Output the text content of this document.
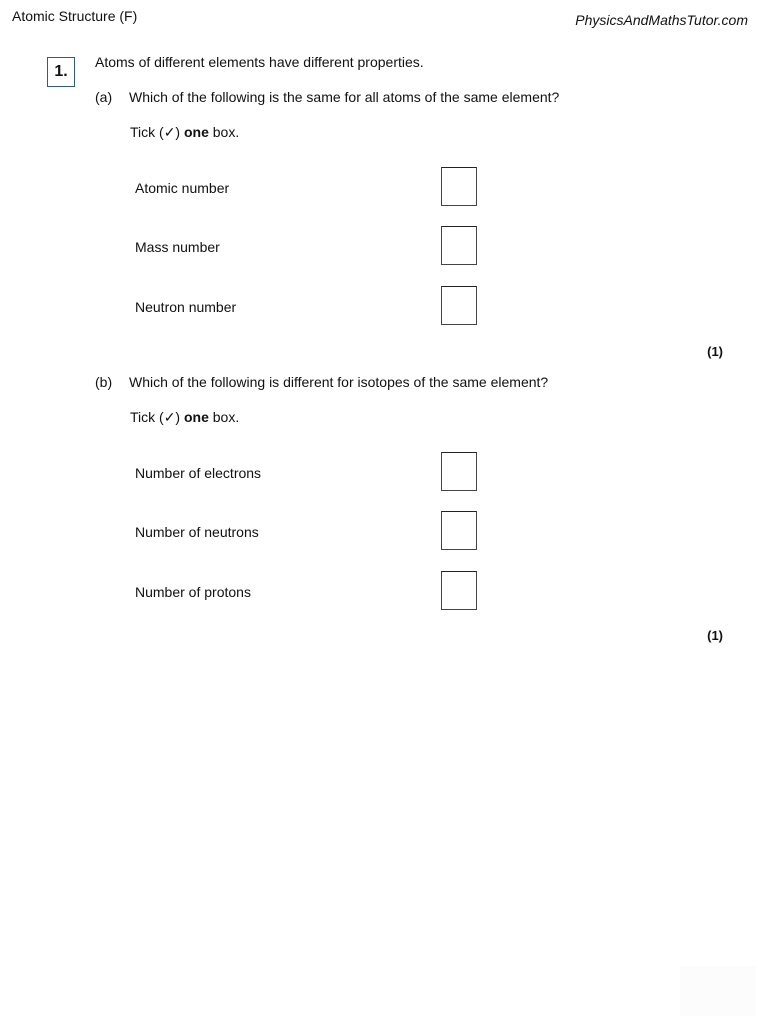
Atomic Structure (F)	PhysicsAndMathsTutor.com
1.
Atoms of different elements have different properties.
(a) Which of the following is the same for all atoms of the same element?
Tick (✓) one box.
Atomic number
Mass number
Neutron number
(1)
(b) Which of the following is different for isotopes of the same element?
Tick (✓) one box.
Number of electrons
Number of neutrons
Number of protons
(1)
